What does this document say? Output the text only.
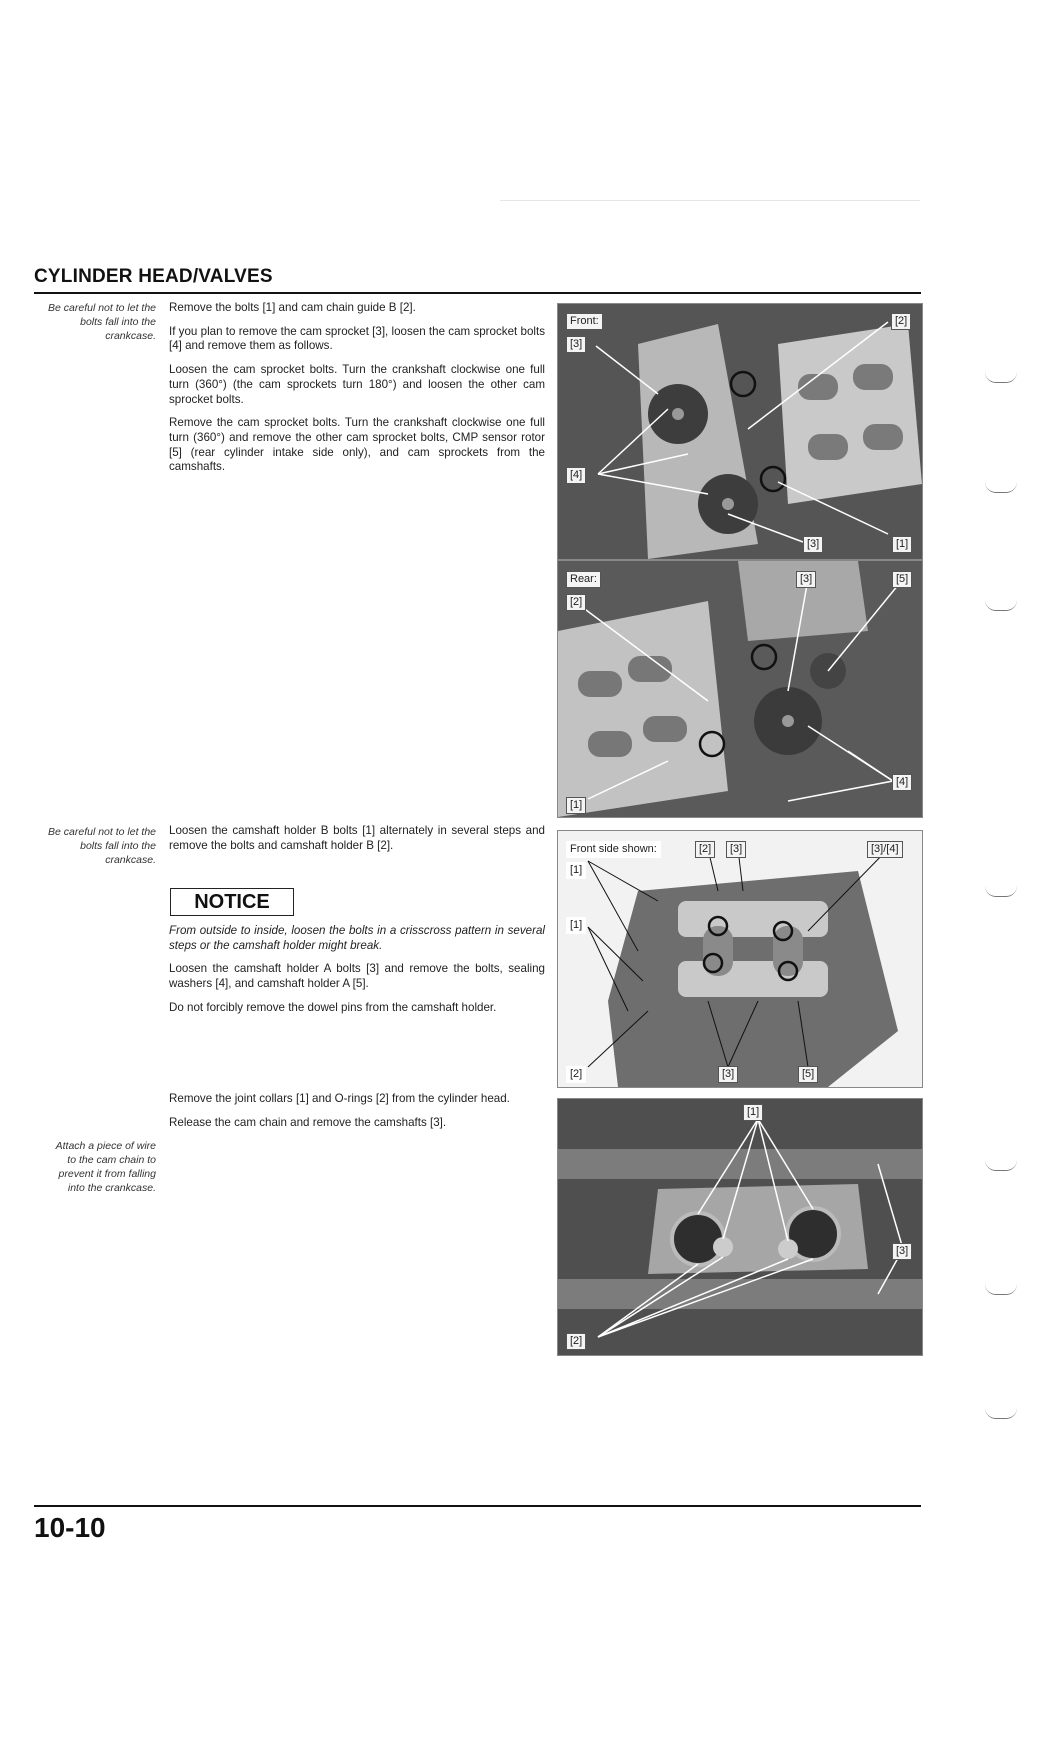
CYLINDER HEAD/VALVES
Be careful not to let the bolts fall into the crankcase.
Be careful not to let the bolts fall into the crankcase.
Attach a piece of wire to the cam chain to prevent it from falling into the crankcase.

Remove the bolts [1] and cam chain guide B [2].

If you plan to remove the cam sprocket [3], loosen the cam sprocket bolts [4] and remove them as follows.

Loosen the cam sprocket bolts. Turn the crankshaft clockwise one full turn (360°) (the cam sprockets turn 180°) and loosen the other cam sprocket bolts.

Remove the cam sprocket bolts. Turn the crankshaft clockwise one full turn (360°) and remove the other cam sprocket bolts, CMP sensor rotor [5] (rear cylinder intake side only), and cam sprockets from the camshafts.

Loosen the camshaft holder B bolts [1] alternately in several steps and remove the bolts and camshaft holder B [2].

NOTICE

From outside to inside, loosen the bolts in a crisscross pattern in several steps or the camshaft holder might break.

Loosen the camshaft holder A bolts [3] and remove the bolts, sealing washers [4], and camshaft holder A [5].

Do not forcibly remove the dowel pins from the camshaft holder.

Remove the joint collars [1] and O-rings [2] from the cylinder head.

Release the cam chain and remove the camshafts [3].

Front:	[2]
[3]
[4]
[3]	[1]
Rear:
[2]
[3]	[5]
[4]
[1]
Front side shown:	[2]	[3]	[3]/[4]
[1]
[1]
[2]	[3]	[5]
[1]
[3]
[2]
10-10
